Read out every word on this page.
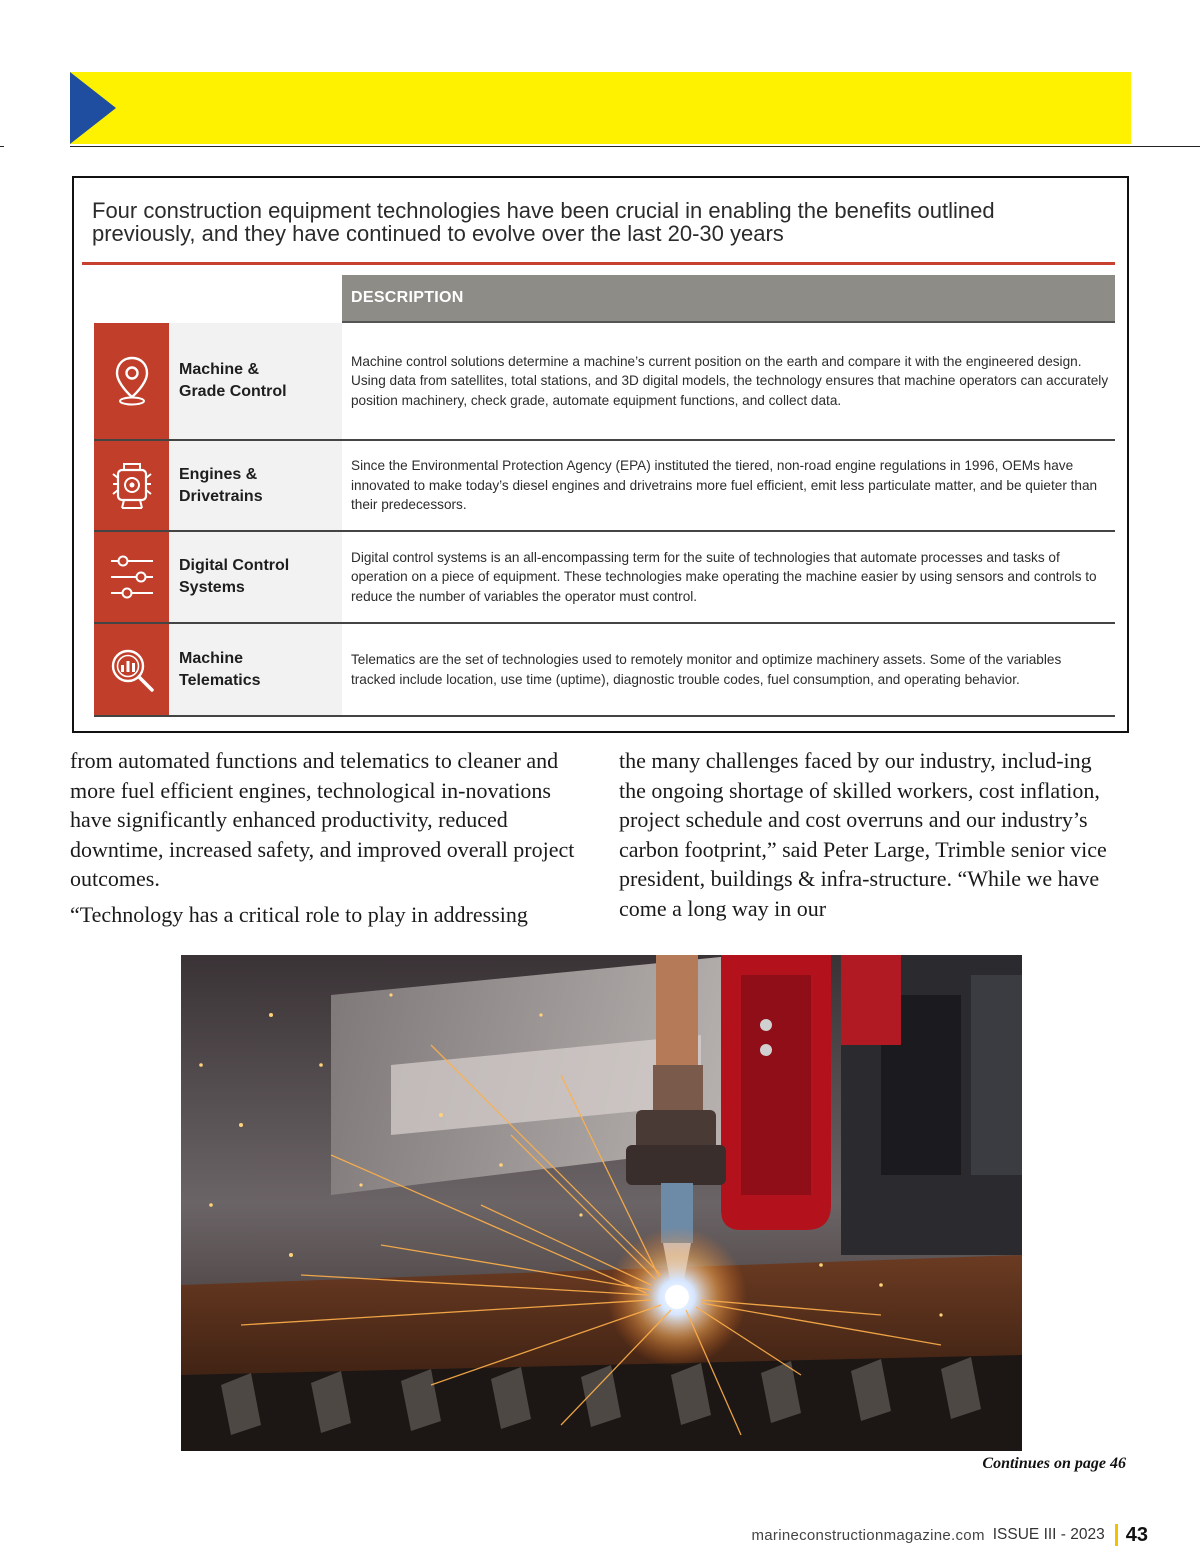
Four construction equipment technologies have been crucial in enabling the benefits outlined previously, and they have continued to evolve over the last 20-30 years
DESCRIPTION
Machine &
Grade Control
Machine control solutions determine a machine’s current position on the earth and compare it with the engineered design. Using data from satellites, total stations, and 3D digital models, the technology ensures that machine operators can accurately position machinery, check grade, automate equipment functions, and collect data.
Engines &
Drivetrains
Since the Environmental Protection Agency (EPA) instituted the tiered, non-road engine regulations in 1996, OEMs have innovated to make today’s diesel engines and drivetrains more fuel efficient, emit less particulate matter, and be quieter than their predecessors.
Digital Control
Systems
Digital control systems is an all-encompassing term for the suite of technologies that automate processes and tasks of operation on a piece of equipment. These technologies make operating the machine easier by using sensors and controls to reduce the number of variables the operator must control.
Machine
Telematics
Telematics are the set of technologies used to remotely monitor and optimize machinery assets. Some of the variables tracked include location, use time (uptime), diagnostic trouble codes, fuel consumption, and operating behavior.

from automated functions and telematics to cleaner and more fuel efficient engines, technological in-novations have significantly enhanced productivity, reduced downtime, increased safety, and improved overall project outcomes.

“Technology has a critical role to play in addressing

the many challenges faced by our industry, includ-ing the ongoing shortage of skilled workers, cost inflation, project schedule and cost overruns and our industry’s carbon footprint,” said Peter Large, Trimble senior vice president, buildings & infra-structure. “While we have come a long way in our

Continues on page 46
marineconstructionmagazine.com ISSUE III - 2023 43
